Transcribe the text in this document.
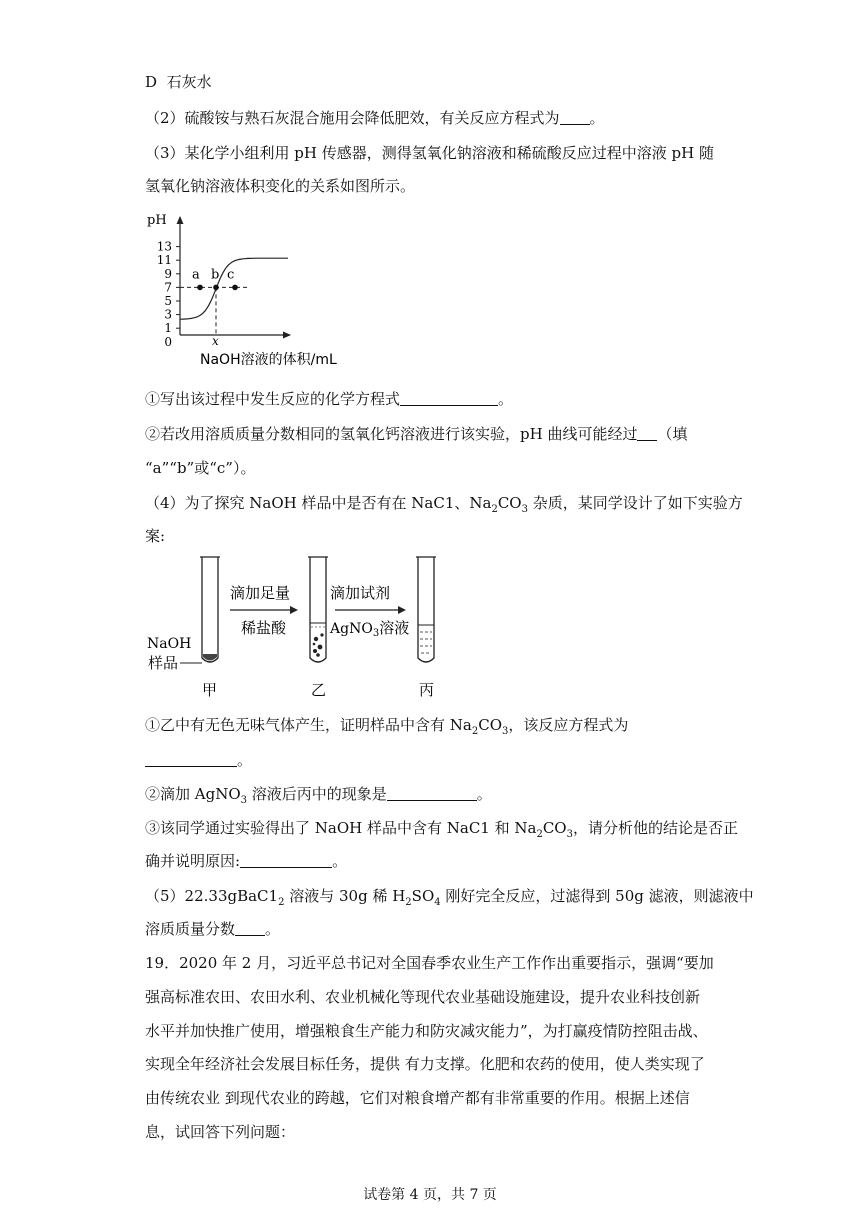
D  石灰水
（2）硫酸铵与熟石灰混合施用会降低肥效，有关反应方程式为 。
（3）某化学小组利用 pH 传感器，测得氢氧化钠溶液和稀硫酸反应过程中溶液 pH 随
氢氧化钠溶液体积变化的关系如图所示。
0
1
3
5
7
9
11
13
a b c
pH
x
NaOH溶液的体积/mL
①写出该过程中发生反应的化学方程式	。
②若改用溶质质量分数相同的氢氧化钙溶液进行该实验，pH 曲线可能经过 （填
“a”“b”或“c”）。
（4）为了探究 NaOH 样品中是否有在 NaC1、$Na_2CO_3$ 杂质，某同学设计了如下实验方
案:
滴加足量
稀盐酸
滴加试剂
AgNO$_3$溶液
NaOH
样品
甲	乙	丙
①乙中有无色无味气体产生，证明样品中含有 $Na_2CO_3$，该反应方程式为
。
②滴加 AgNO$_3$ 溶液后丙中的现象是	。
③该同学通过实验得出了 NaOH 样品中含有 NaC1 和 $Na_2CO_3$，请分析他的结论是否正
确并说明原因:	。
$(5)22.33gBaC1_2$ 溶液与 30g 稀 $H_2SO_4$ 刚好完全反应，过滤得到 50g 滤液，则滤液中
溶质质量分数 。
19．2020 年 2 月，习近平总书记对全国春季农业生产工作作出重要指示，强调“要加
强高标准农田、农田水利、农业机械化等现代农业基础设施建设，提升农业科技创新
水平并加快推广使用，增强粮食生产能力和防灾减灾能力”，为打赢疫情防控阻击战、
实现全年经济社会发展目标任务，提供 有力支撑。化肥和农药的使用，使人类实现了
由传统农业 到现代农业的跨越，它们对粮食增产都有非常重要的作用。根据上述信
息，试回答下列问题：
试卷第 4 页，共 7 页
